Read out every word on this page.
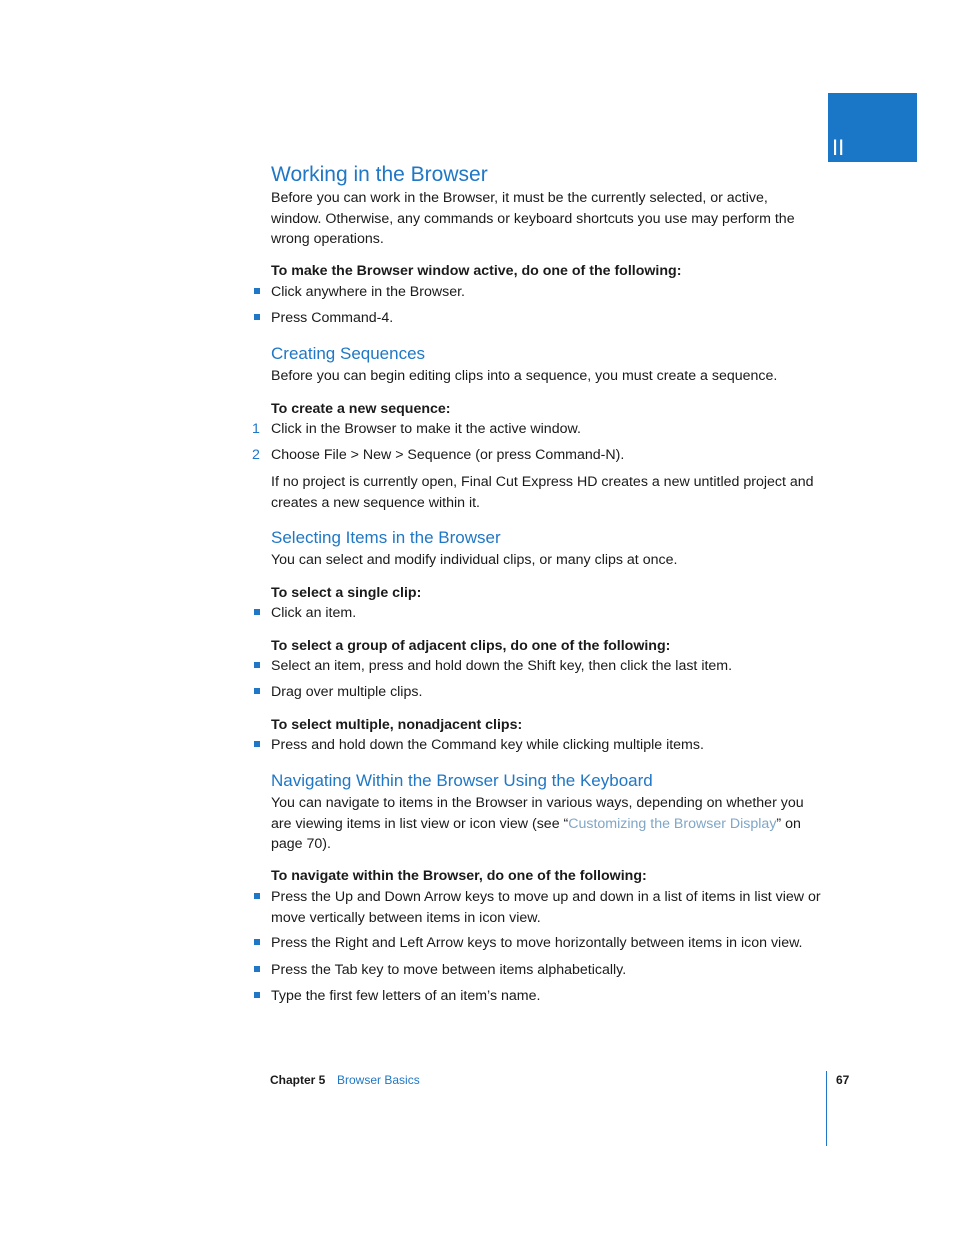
II
Working in the Browser
Before you can work in the Browser, it must be the currently selected, or active, window. Otherwise, any commands or keyboard shortcuts you use may perform the wrong operations.
To make the Browser window active, do one of the following:
Click anywhere in the Browser.
Press Command-4.
Creating Sequences
Before you can begin editing clips into a sequence, you must create a sequence.
To create a new sequence:
1 Click in the Browser to make it the active window.
2 Choose File > New > Sequence (or press Command-N).
If no project is currently open, Final Cut Express HD creates a new untitled project and creates a new sequence within it.
Selecting Items in the Browser
You can select and modify individual clips, or many clips at once.
To select a single clip:
Click an item.
To select a group of adjacent clips, do one of the following:
Select an item, press and hold down the Shift key, then click the last item.
Drag over multiple clips.
To select multiple, nonadjacent clips:
Press and hold down the Command key while clicking multiple items.
Navigating Within the Browser Using the Keyboard
You can navigate to items in the Browser in various ways, depending on whether you are viewing items in list view or icon view (see “Customizing the Browser Display” on page 70).
To navigate within the Browser, do one of the following:
Press the Up and Down Arrow keys to move up and down in a list of items in list view or move vertically between items in icon view.
Press the Right and Left Arrow keys to move horizontally between items in icon view.
Press the Tab key to move between items alphabetically.
Type the first few letters of an item’s name.
Chapter 5 Browser Basics	67
